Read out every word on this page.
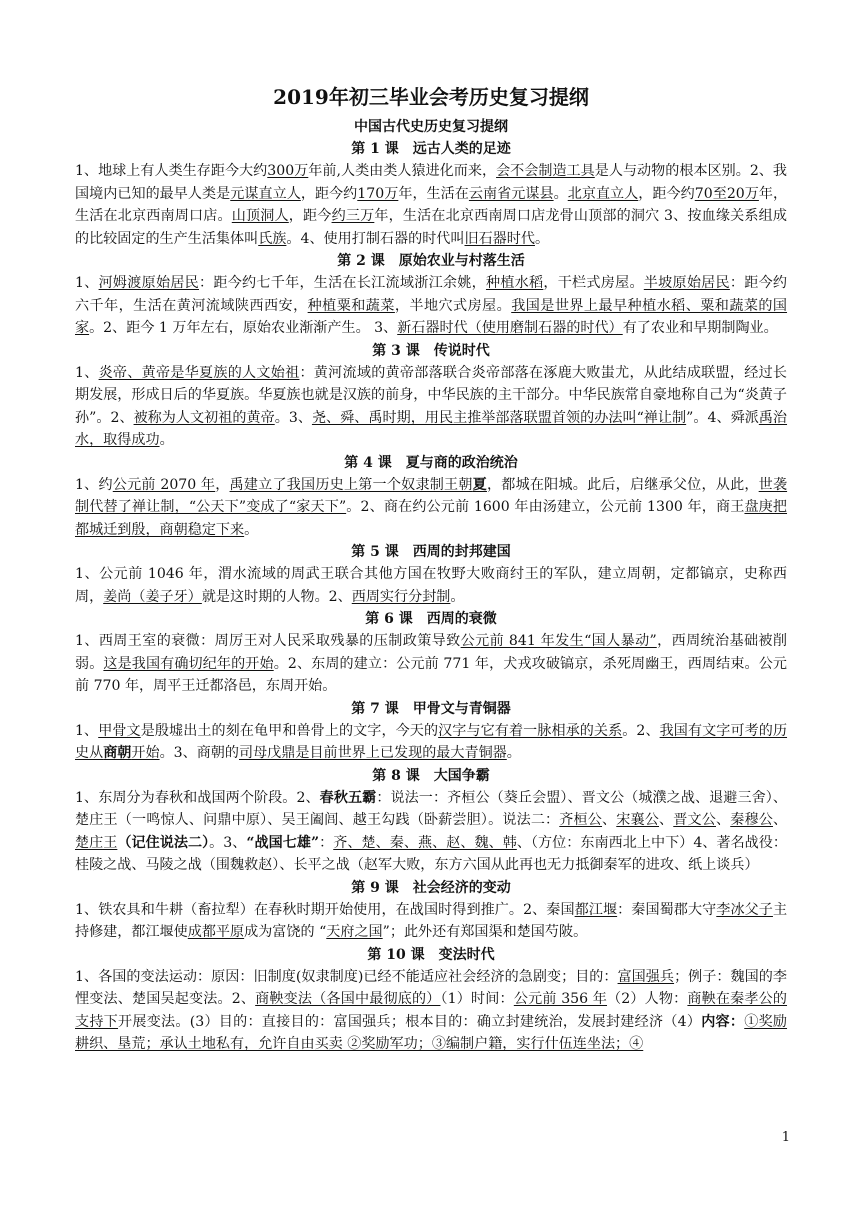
2019年初三毕业会考历史复习提纲
中国古代史历史复习提纲
第 1 课　远古人类的足迹

1、地球上有人类生存距今大约300万年前,人类由类人猿进化而来，会不会制造工具是人与动物的根本区别。2、我国境内已知的最早人类是元谋直立人，距今约170万年，生活在云南省元谋县。北京直立人，距今约70至20万年，生活在北京西南周口店。山顶洞人，距今约三万年，生活在北京西南周口店龙骨山顶部的洞穴 3、按血缘关系组成的比较固定的生产生活集体叫氏族。4、使用打制石器的时代叫旧石器时代。

第 2 课　原始农业与村落生活

1、河姆渡原始居民：距今约七千年，生活在长江流域浙江余姚，种植水稻，干栏式房屋。半坡原始居民：距今约六千年，生活在黄河流域陕西西安，种植粟和蔬菜，半地穴式房屋。我国是世界上最早种植水稻、粟和蔬菜的国家。2、距今 1 万年左右，原始农业渐渐产生。 3、新石器时代（使用磨制石器的时代）有了农业和早期制陶业。

第 3 课　传说时代

1、炎帝、黄帝是华夏族的人文始祖：黄河流域的黄帝部落联合炎帝部落在涿鹿大败蚩尤，从此结成联盟，经过长期发展，形成日后的华夏族。华夏族也就是汉族的前身，中华民族的主干部分。中华民族常自豪地称自己为“炎黄子孙”。2、被称为人文初祖的黄帝。3、尧、舜、禹时期，用民主推举部落联盟首领的办法叫“禅让制”。4、舜派禹治水，取得成功。

第 4 课　夏与商的政治统治

1、约公元前 2070 年，禹建立了我国历史上第一个奴隶制王朝夏，都城在阳城。此后，启继承父位，从此，世袭制代替了禅让制，“公天下”变成了“家天下”。2、商在约公元前 1600 年由汤建立，公元前 1300 年，商王盘庚把都城迁到殷，商朝稳定下来。

第 5 课　西周的封邦建国

1、公元前 1046 年，渭水流域的周武王联合其他方国在牧野大败商纣王的军队，建立周朝，定都镐京，史称西周，姜尚（姜子牙）就是这时期的人物。2、西周实行分封制。

第 6 课　西周的衰微

1、西周王室的衰微：周厉王对人民采取残暴的压制政策导致公元前 841 年发生“国人暴动”，西周统治基础被削弱。这是我国有确切纪年的开始。2、东周的建立：公元前 771 年，犬戎攻破镐京，杀死周幽王，西周结束。公元前 770 年，周平王迁都洛邑，东周开始。

第 7 课　甲骨文与青铜器

1、甲骨文是殷墟出土的刻在龟甲和兽骨上的文字，今天的汉字与它有着一脉相承的关系。2、我国有文字可考的历史从商朝开始。3、商朝的司母戊鼎是目前世界上已发现的最大青铜器。

第 8 课　大国争霸

1、东周分为春秋和战国两个阶段。2、春秋五霸：说法一：齐桓公（葵丘会盟）、晋文公（城濮之战、退避三舍）、楚庄王（一鸣惊人、问鼎中原）、吴王阖闾、越王勾践（卧薪尝胆）。说法二：齐桓公、宋襄公、晋文公、秦穆公、楚庄王（记住说法二）。3、“战国七雄”：齐、楚、秦、燕、赵、魏、韩、（方位：东南西北上中下）4、著名战役：桂陵之战、马陵之战（围魏救赵）、长平之战（赵军大败，东方六国从此再也无力抵御秦军的进攻、纸上谈兵）

第 9 课　社会经济的变动

1、铁农具和牛耕（畜拉犁）在春秋时期开始使用，在战国时得到推广。2、秦国都江堰：秦国蜀郡大守李冰父子主持修建，都江堰使成都平原成为富饶的 “天府之国”；此外还有郑国渠和楚国芍陂。

第 10 课　变法时代

1、各国的变法运动：原因：旧制度(奴隶制度)已经不能适应社会经济的急剧变；目的：富国强兵；例子：魏国的李悝变法、楚国吴起变法。2、商鞅变法（各国中最彻底的）（1）时间：公元前 356 年（2）人物：商鞅在秦孝公的支持下开展变法。(3）目的：直接目的：富国强兵；根本目的：确立封建统治，发展封建经济（4）内容：①奖励耕织、垦荒；承认土地私有，允许自由买卖 ②奖励军功；③编制户籍，实行什伍连坐法；④

1
